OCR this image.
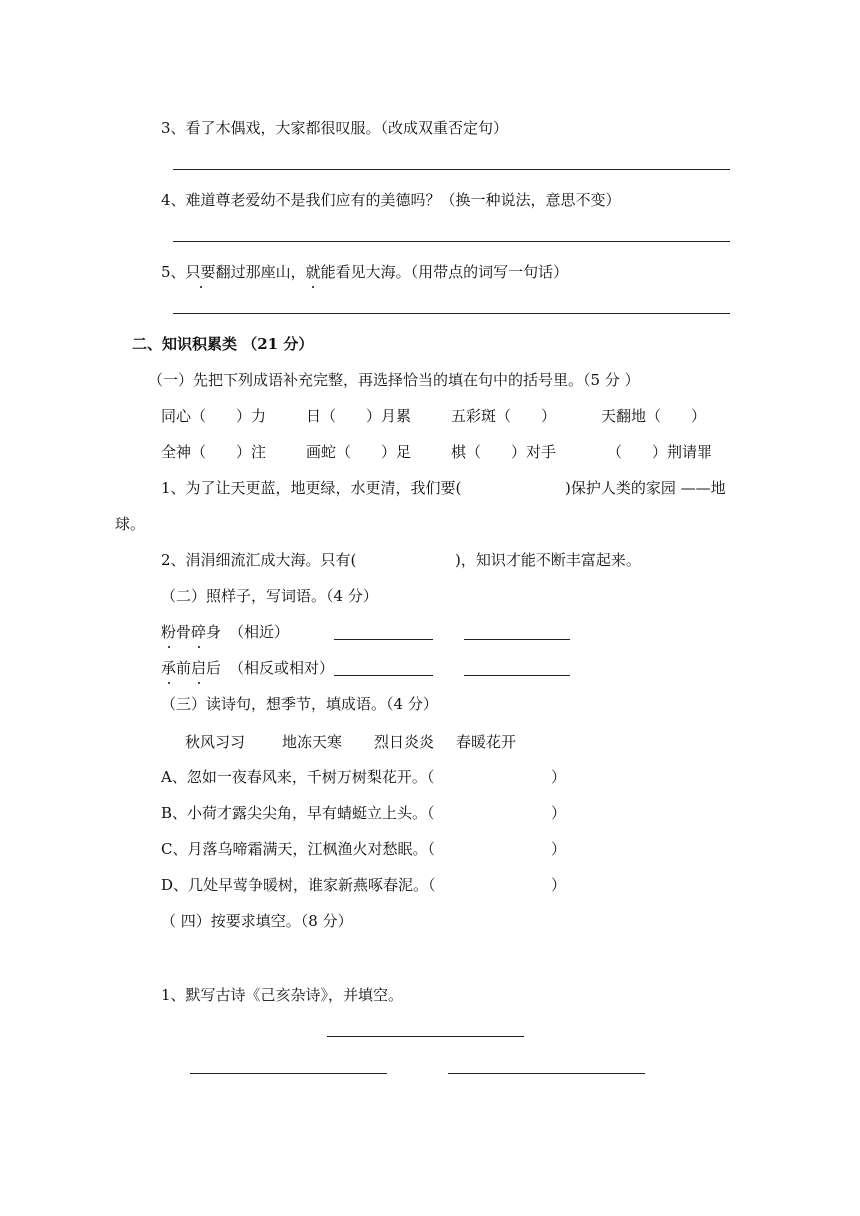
3、看了木偶戏，大家都很叹服。（改成双重否定句）
4、难道尊老爱幼不是我们应有的美德吗？（换一种说法，意思不变）
5、只要翻过那座山，就能看见大海。（用带点的词写一句话）
二、知识积累类 （21 分）
（一）先把下列成语补充完整，再选择恰当的填在句中的括号里。（5 分 ）
同心（　　）力	日（　　）月累	五彩斑（　　）	天翻地（　　）
全神（　　）注	画蛇（　　）足	棋（　　）对手	（　　）荆请罪
1、为了让天更蓝，地更绿，水更清，我们要(	)保护人类的家园 ——地
球。
2、涓涓细流汇成大海。只有(	)，知识才能不断丰富起来。
（二）照样子，写词语。（4 分）
粉骨碎身 （相近）
承前启后 （相反或相对）
（三）读诗句，想季节，填成语。（4 分）
秋风习习 地冻天寒 烈日炎炎 春暖花开
A、忽如一夜春风来，千树万树梨花开。（	）
B、小荷才露尖尖角，早有蜻蜓立上头。（	）
C、月落乌啼霜满天，江枫渔火对愁眠。（	）
D、几处早莺争暖树，谁家新燕啄春泥。（	）
（ 四）按要求填空。（8 分）
1、默写古诗《己亥杂诗》，并填空。
